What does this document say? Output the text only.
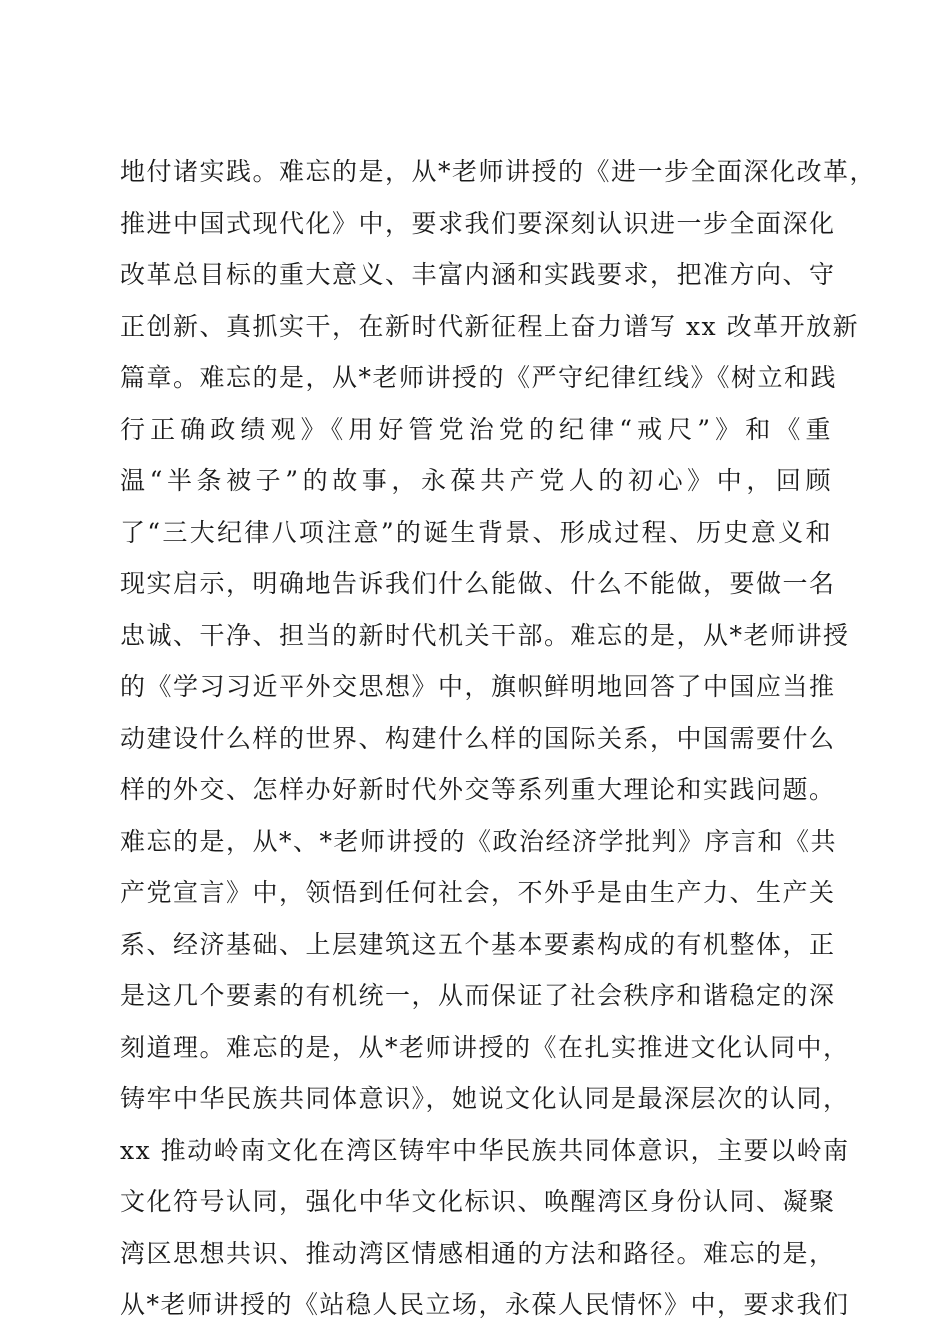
地付诸实践。难忘的是，从*老师讲授的《进一步全面深化改革，
推进中国式现代化》中，要求我们要深刻认识进一步全面深化
改革总目标的重大意义、丰富内涵和实践要求，把准方向、守
正创新、真抓实干，在新时代新征程上奋力谱写 xx 改革开放新
篇章。难忘的是，从*老师讲授的《严守纪律红线》《树立和践
行正确政绩观》《用好管党治党的纪律“戒尺”》和《重
温“半条被子”的故事，永葆共产党人的初心》中，回顾
了“三大纪律八项注意”的诞生背景、形成过程、历史意义和
现实启示，明确地告诉我们什么能做、什么不能做，要做一名
忠诚、干净、担当的新时代机关干部。难忘的是，从*老师讲授
的《学习习近平外交思想》中，旗帜鲜明地回答了中国应当推
动建设什么样的世界、构建什么样的国际关系，中国需要什么
样的外交、怎样办好新时代外交等系列重大理论和实践问题。
难忘的是，从*、*老师讲授的《政治经济学批判》序言和《共
产党宣言》中，领悟到任何社会，不外乎是由生产力、生产关
系、经济基础、上层建筑这五个基本要素构成的有机整体，正
是这几个要素的有机统一，从而保证了社会秩序和谐稳定的深
刻道理。难忘的是，从*老师讲授的《在扎实推进文化认同中，
铸牢中华民族共同体意识》，她说文化认同是最深层次的认同，
xx 推动岭南文化在湾区铸牢中华民族共同体意识，主要以岭南
文化符号认同，强化中华文化标识、唤醒湾区身份认同、凝聚
湾区思想共识、推动湾区情感相通的方法和路径。难忘的是，
从*老师讲授的《站稳人民立场，永葆人民情怀》中，要求我们
